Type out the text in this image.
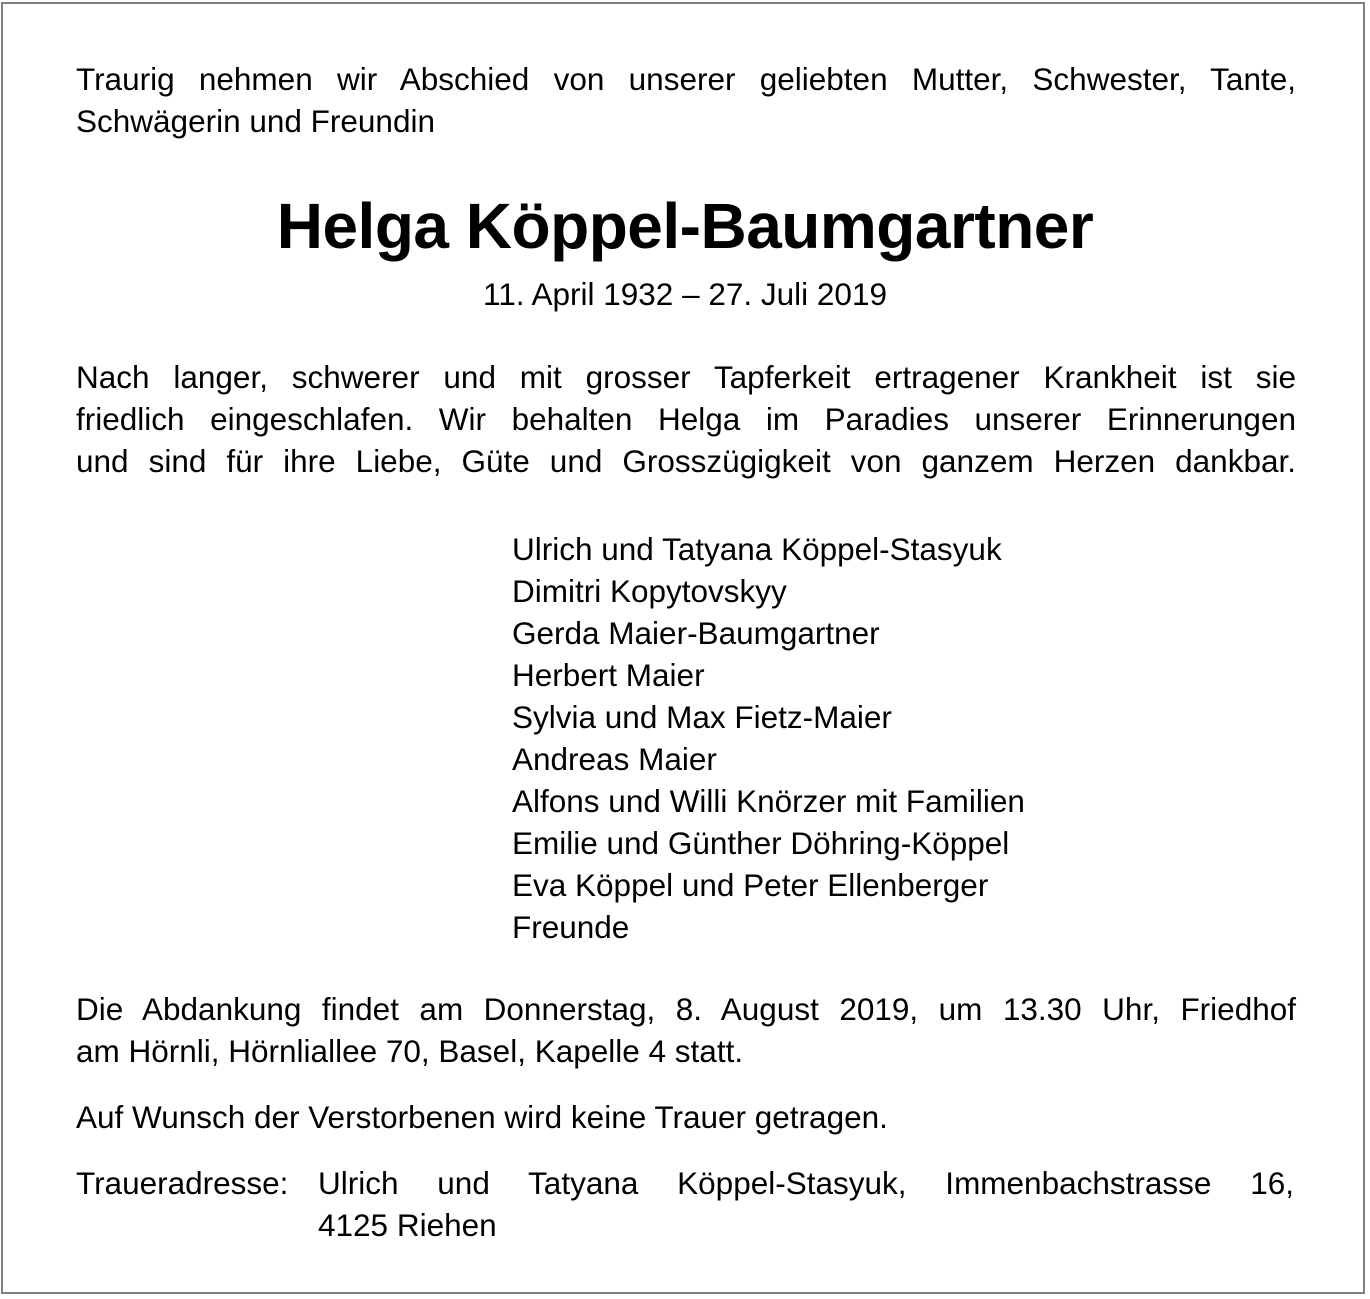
Traurig nehmen wir Abschied von unserer geliebten Mutter, Schwester, Tante,
Schwägerin und Freundin
Helga Köppel-Baumgartner
11. April 1932 – 27. Juli 2019
Nach langer, schwerer und mit grosser Tapferkeit ertragener Krankheit ist sie
friedlich eingeschlafen. Wir behalten Helga im Paradies unserer Erinnerungen
und sind für ihre Liebe, Güte und Grosszügigkeit von ganzem Herzen dankbar.
Ulrich und Tatyana Köppel-Stasyuk
Dimitri Kopytovskyy
Gerda Maier-Baumgartner
Herbert Maier
Sylvia und Max Fietz-Maier
Andreas Maier
Alfons und Willi Knörzer mit Familien
Emilie und Günther Döhring-Köppel
Eva Köppel und Peter Ellenberger
Freunde
Die Abdankung findet am Donnerstag, 8. August 2019, um 13.30 Uhr, Friedhof
am Hörnli, Hörnliallee 70, Basel, Kapelle 4 statt.
Auf Wunsch der Verstorbenen wird keine Trauer getragen.
Traueradresse: Ulrich und Tatyana Köppel-Stasyuk, Immenbachstrasse 16,
4125 Riehen
